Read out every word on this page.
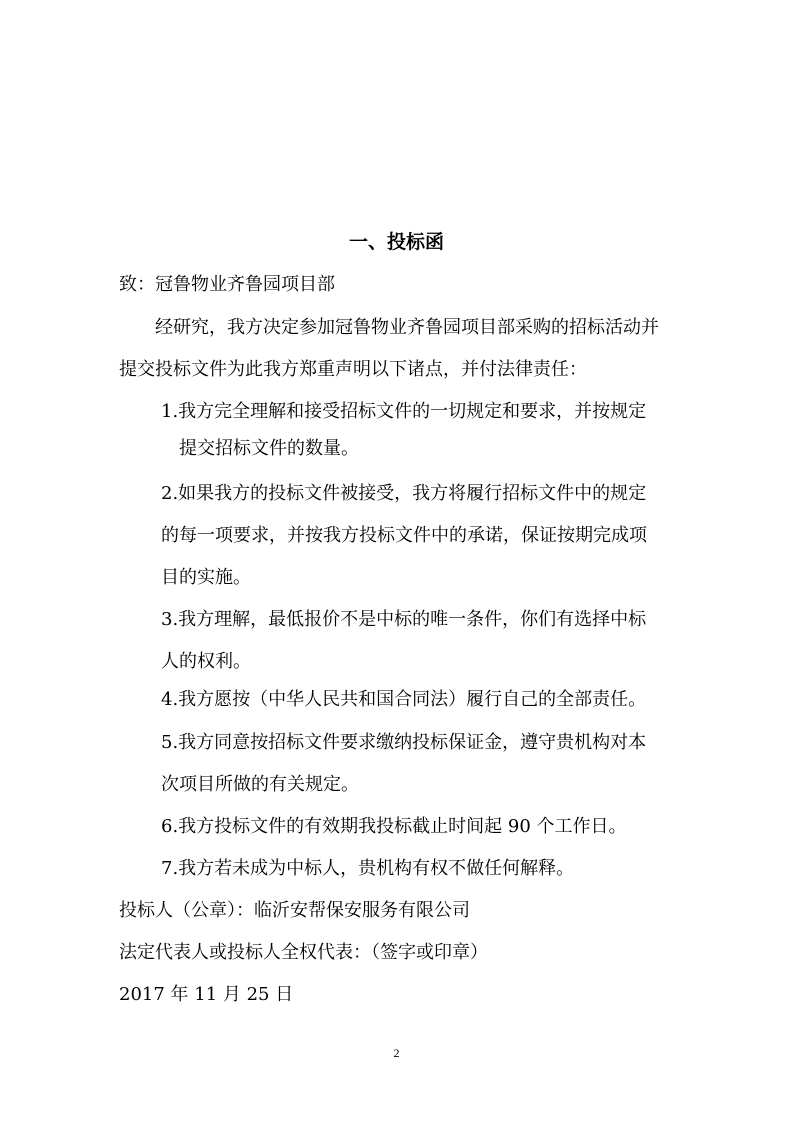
一、投标函
致：冠鲁物业齐鲁园项目部
经研究，我方决定参加冠鲁物业齐鲁园项目部采购的招标活动并
提交投标文件为此我方郑重声明以下诸点，并付法律责任：
1.我方完全理解和接受招标文件的一切规定和要求，并按规定
提交招标文件的数量。
2.如果我方的投标文件被接受，我方将履行招标文件中的规定
的每一项要求，并按我方投标文件中的承诺，保证按期完成项
目的实施。
3.我方理解，最低报价不是中标的唯一条件，你们有选择中标
人的权利。
4.我方愿按（中华人民共和国合同法）履行自己的全部责任。
5.我方同意按招标文件要求缴纳投标保证金，遵守贵机构对本
次项目所做的有关规定。
6.我方投标文件的有效期我投标截止时间起 90 个工作日。
7.我方若未成为中标人，贵机构有权不做任何解释。
投标人（公章）：临沂安帮保安服务有限公司
法定代表人或投标人全权代表：（签字或印章）
2017 年 11 月 25 日
2
